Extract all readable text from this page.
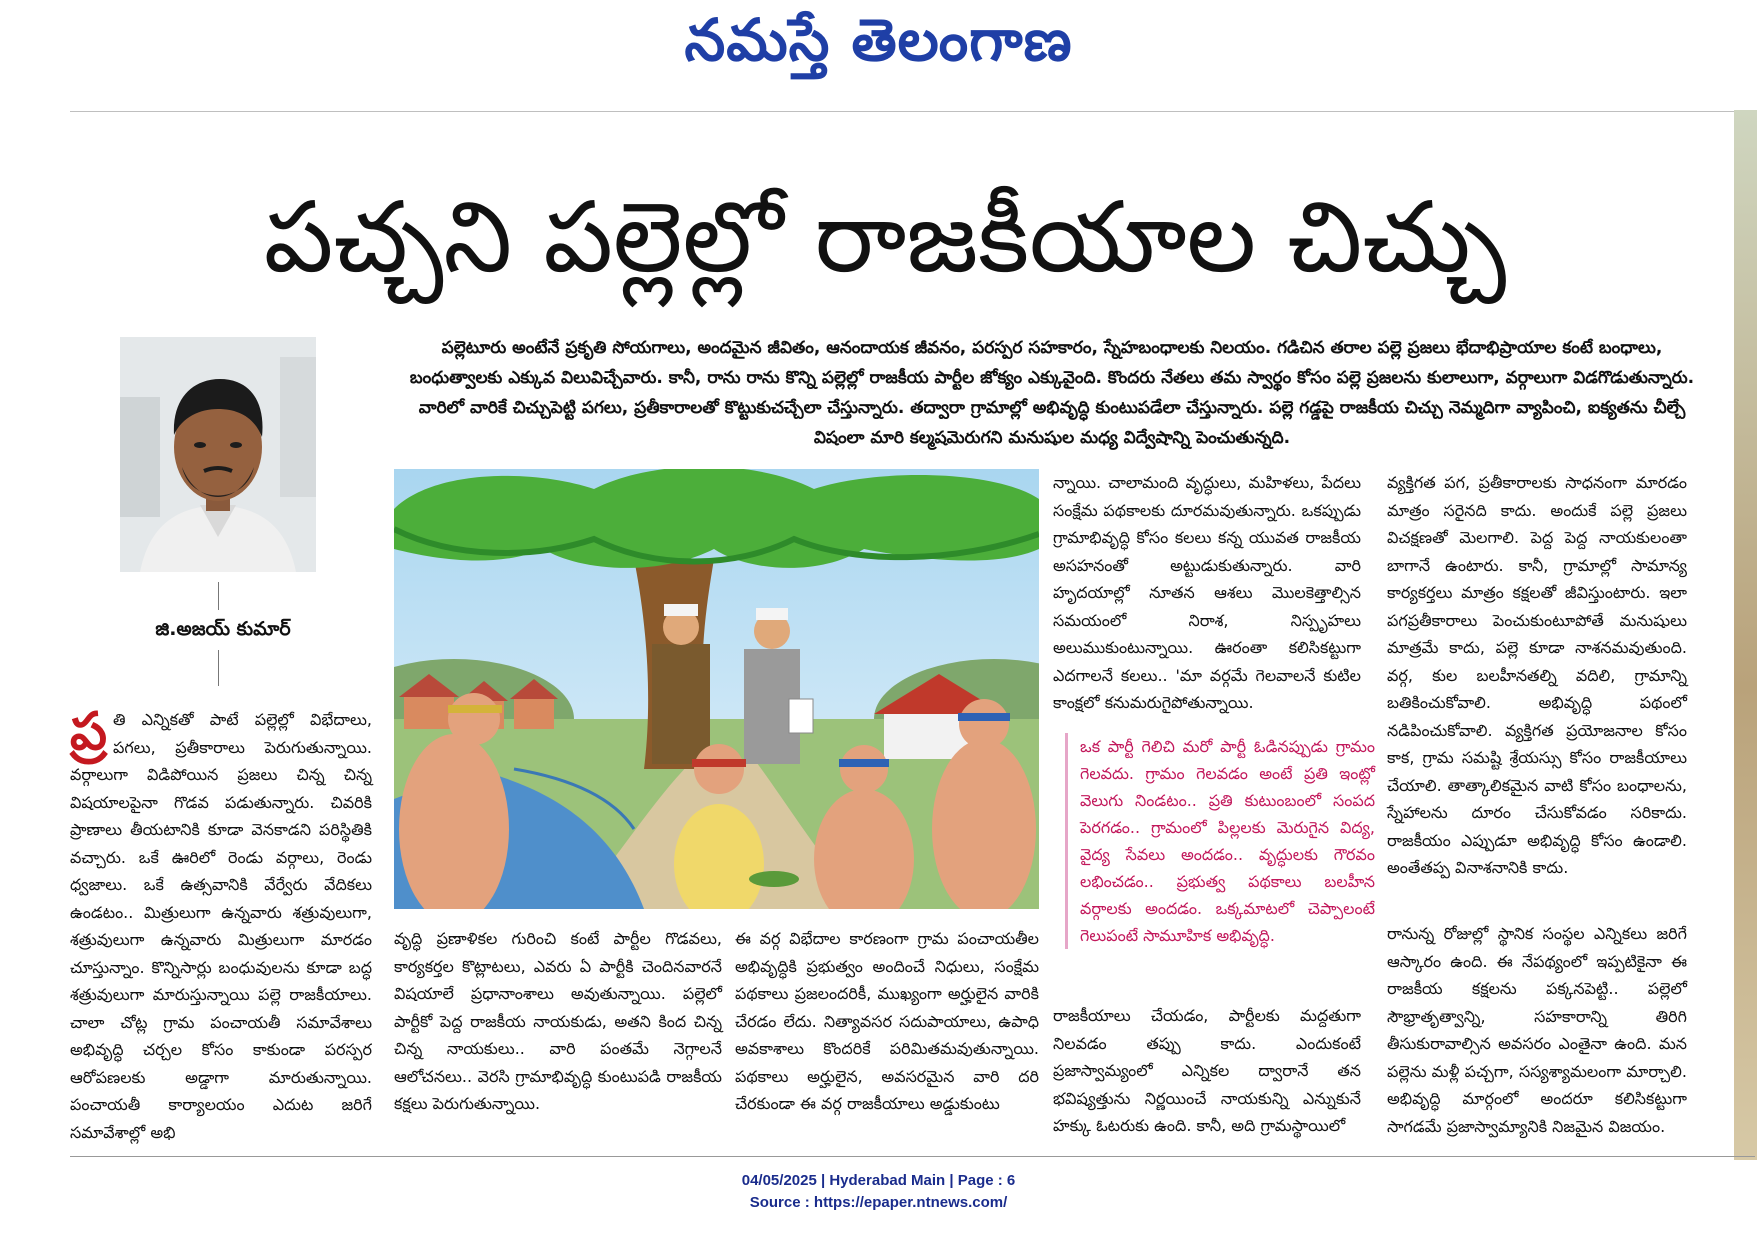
నమస్తే తెలంగాణ
పచ్చని పల్లెల్లో రాజకీయాల చిచ్చు
జి.అజయ్ కుమార్

పల్లెటూరు అంటేనే ప్రకృతి సోయగాలు, అందమైన జీవితం, ఆనందాయక జీవనం, పరస్పర సహకారం, స్నేహబంధాలకు నిలయం. గడిచిన తరాల పల్లె ప్రజలు భేదాభిప్రాయాల కంటే బంధాలు, బంధుత్వాలకు ఎక్కువ విలువిచ్చేవారు. కానీ, రాను రాను కొన్ని పల్లెల్లో రాజకీయ పార్టీల జోక్యం ఎక్కువైంది. కొందరు నేతలు తమ స్వార్థం కోసం పల్లె ప్రజలను కులాలుగా, వర్గాలుగా విడగొడుతున్నారు. వారిలో వారికే చిచ్చుపెట్టి పగలు, ప్రతీకారాలతో కొట్టుకుచచ్చేలా చేస్తున్నారు. తద్వారా గ్రామాల్లో అభివృద్ధి కుంటుపడేలా చేస్తున్నారు. పల్లె గడ్డపై రాజకీయ చిచ్చు నెమ్మదిగా వ్యాపించి, ఐక్యతను చీల్చే విషంలా మారి కల్మషమెరుగని మనుషుల మధ్య విద్వేషాన్ని పెంచుతున్నది.

ప్ర తి ఎన్నికతో పాటే పల్లెల్లో విభేదాలు, పగలు, ప్రతీకారాలు పెరుగుతున్నాయి. వర్గాలుగా విడిపోయిన ప్రజలు చిన్న చిన్న విషయాలపైనా గొడవ పడుతున్నారు. చివరికి ప్రాణాలు తీయటానికి కూడా వెనకాడని పరిస్థితికి వచ్చారు. ఒకే ఊరిలో రెండు వర్గాలు, రెండు ధ్వజాలు. ఒకే ఉత్సవానికి వేర్వేరు వేదికలు ఉండటం.. మిత్రులుగా ఉన్నవారు శత్రువులుగా, శత్రువులుగా ఉన్నవారు మిత్రులుగా మారడం చూస్తున్నాం. కొన్నిసార్లు బంధువులను కూడా బద్ధ శత్రువులుగా మారుస్తున్నాయి పల్లె రాజకీయాలు. చాలా చోట్ల గ్రామ పంచాయతీ సమావేశాలు అభివృద్ధి చర్చల కోసం కాకుండా పరస్పర ఆరోపణలకు అడ్డాగా మారుతున్నాయి. పంచాయతీ కార్యాలయం ఎదుట జరిగే సమావేశాల్లో అభి

వృద్ధి ప్రణాళికల గురించి కంటే పార్టీల గొడవలు, కార్యకర్తల కొట్లాటలు, ఎవరు ఏ పార్టీకి చెందినవారనే విషయాలే ప్రధానాంశాలు అవుతున్నాయి. పల్లెలో పార్టీకో పెద్ద రాజకీయ నాయకుడు, అతని కింద చిన్న చిన్న నాయకులు.. వారి పంతమే నెగ్గాలనే ఆలోచనలు.. వెరసి గ్రామాభివృద్ధి కుంటుపడి రాజకీయ కక్షలు పెరుగుతున్నాయి.

ఈ వర్గ విభేదాల కారణంగా గ్రామ పంచాయతీల అభివృద్ధికి ప్రభుత్వం అందించే నిధులు, సంక్షేమ పథకాలు ప్రజలందరికీ, ముఖ్యంగా అర్హులైన వారికి చేరడం లేదు. నిత్యావసర సదుపాయాలు, ఉపాధి అవకాశాలు కొందరికే పరిమితమవుతున్నాయి. పథకాలు అర్హులైన, అవసరమైన వారి దరి చేరకుండా ఈ వర్గ రాజకీయాలు అడ్డుకుంటు

న్నాయి. చాలామంది వృద్ధులు, మహిళలు, పేదలు సంక్షేమ పథకాలకు దూరమవుతున్నారు. ఒకప్పుడు గ్రామాభివృద్ధి కోసం కలలు కన్న యువత రాజకీయ అసహనంతో అట్టుడుకుతున్నారు. వారి హృదయాల్లో నూతన ఆశలు మొలకెత్తాల్సిన సమయంలో నిరాశ, నిస్పృహలు అలుముకుంటున్నాయి. ఊరంతా కలిసికట్టుగా ఎదగాలనే కలలు.. 'మా వర్గమే గెలవాలనే కుటిల కాంక్షలో కనుమరుగైపోతున్నాయి.

ఒక పార్టీ గెలిచి మరో పార్టీ ఓడినప్పుడు గ్రామం గెలవదు. గ్రామం గెలవడం అంటే ప్రతి ఇంట్లో వెలుగు నిండటం.. ప్రతి కుటుంబంలో సంపద పెరగడం.. గ్రామంలో పిల్లలకు మెరుగైన విద్య, వైద్య సేవలు అందడం.. వృద్ధులకు గౌరవం లభించడం.. ప్రభుత్వ పథకాలు బలహీన వర్గాలకు అందడం. ఒక్కమాటలో చెప్పాలంటే గెలుపంటే సామూహిక అభివృద్ధి.

రాజకీయాలు చేయడం, పార్టీలకు మద్దతుగా నిలవడం తప్పు కాదు. ఎందుకంటే ప్రజాస్వామ్యంలో ఎన్నికల ద్వారానే తన భవిష్యత్తును నిర్ణయించే నాయకున్ని ఎన్నుకునే హక్కు ఓటరుకు ఉంది. కానీ, అది గ్రామస్థాయిలో

వ్యక్తిగత పగ, ప్రతీకారాలకు సాధనంగా మారడం మాత్రం సరైనది కాదు. అందుకే పల్లె ప్రజలు విచక్షణతో మెలగాలి. పెద్ద పెద్ద నాయకులంతా బాగానే ఉంటారు. కానీ, గ్రామాల్లో సామాన్య కార్యకర్తలు మాత్రం కక్షలతో జీవిస్తుంటారు. ఇలా పగప్రతీకారాలు పెంచుకుంటూపోతే మనుషులు మాత్రమే కాదు, పల్లె కూడా నాశనమవుతుంది. వర్గ, కుల బలహీనతల్ని వదిలి, గ్రామాన్ని బతికించుకోవాలి. అభివృద్ధి పథంలో నడిపించుకోవాలి. వ్యక్తిగత ప్రయోజనాల కోసం కాక, గ్రామ సమష్టి శ్రేయస్సు కోసం రాజకీయాలు చేయాలి. తాత్కాలికమైన వాటి కోసం బంధాలను, స్నేహాలను దూరం చేసుకోవడం సరికాదు. రాజకీయం ఎప్పుడూ అభివృద్ధి కోసం ఉండాలి. అంతేతప్ప వినాశనానికి కాదు.

రానున్న రోజుల్లో స్థానిక సంస్థల ఎన్నికలు జరిగే ఆస్కారం ఉంది. ఈ నేపథ్యంలో ఇప్పటికైనా ఈ రాజకీయ కక్షలను పక్కనపెట్టి.. పల్లెలో సౌభ్రాతృత్వాన్ని, సహకారాన్ని తిరిగి తీసుకురావాల్సిన అవసరం ఎంతైనా ఉంది. మన పల్లెను మళ్లీ పచ్చగా, సస్యశ్యామలంగా మార్చాలి. అభివృద్ధి మార్గంలో అందరూ కలిసికట్టుగా సాగడమే ప్రజాస్వామ్యానికి నిజమైన విజయం.

04/05/2025 | Hyderabad Main | Page : 6
Source : https://epaper.ntnews.com/
